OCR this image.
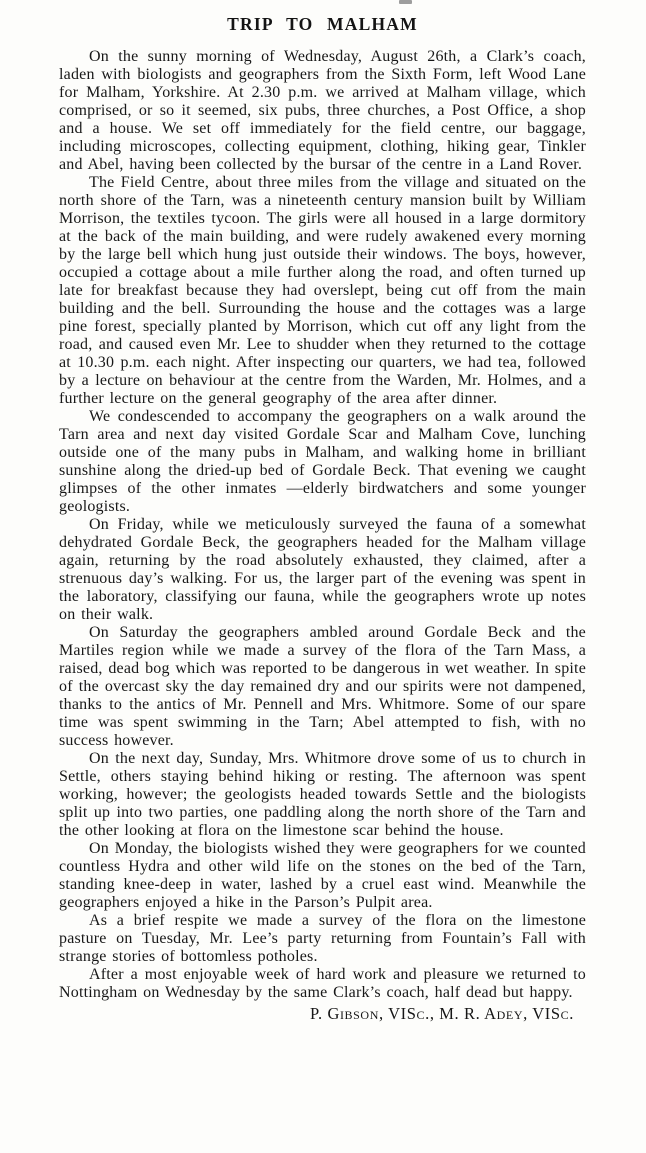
TRIP TO MALHAM

On the sunny morning of Wednesday, August 26th, a Clark’s coach, laden with biologists and geographers from the Sixth Form, left Wood Lane for Malham, Yorkshire. At 2.30 p.m. we arrived at Malham village, which comprised, or so it seemed, six pubs, three churches, a Post Office, a shop and a house. We set off immediately for the field centre, our baggage, including microscopes, collecting equipment, clothing, hiking gear, Tinkler and Abel, having been collected by the bursar of the centre in a Land Rover.

The Field Centre, about three miles from the village and situated on the north shore of the Tarn, was a nineteenth century mansion built by William Morrison, the textiles tycoon. The girls were all housed in a large dormitory at the back of the main building, and were rudely awakened every morning by the large bell which hung just outside their windows. The boys, however, occupied a cottage about a mile further along the road, and often turned up late for breakfast because they had overslept, being cut off from the main building and the bell. Surrounding the house and the cottages was a large pine forest, specially planted by Morrison, which cut off any light from the road, and caused even Mr. Lee to shudder when they returned to the cottage at 10.30 p.m. each night. After inspecting our quarters, we had tea, followed by a lecture on behaviour at the centre from the Warden, Mr. Holmes, and a further lecture on the general geography of the area after dinner.

We condescended to accompany the geographers on a walk around the Tarn area and next day visited Gordale Scar and Malham Cove, lunching outside one of the many pubs in Malham, and walking home in brilliant sunshine along the dried-up bed of Gordale Beck. That evening we caught glimpses of the other inmates —elderly birdwatchers and some younger geologists.

On Friday, while we meticulously surveyed the fauna of a somewhat dehydrated Gordale Beck, the geographers headed for the Malham village again, returning by the road absolutely exhausted, they claimed, after a strenuous day’s walking. For us, the larger part of the evening was spent in the laboratory, classifying our fauna, while the geographers wrote up notes on their walk.

On Saturday the geographers ambled around Gordale Beck and the Martiles region while we made a survey of the flora of the Tarn Mass, a raised, dead bog which was reported to be dangerous in wet weather. In spite of the overcast sky the day remained dry and our spirits were not dampened, thanks to the antics of Mr. Pennell and Mrs. Whitmore. Some of our spare time was spent swimming in the Tarn; Abel attempted to fish, with no success however.

On the next day, Sunday, Mrs. Whitmore drove some of us to church in Settle, others staying behind hiking or resting. The afternoon was spent working, however; the geologists headed towards Settle and the biologists split up into two parties, one paddling along the north shore of the Tarn and the other looking at flora on the limestone scar behind the house.

On Monday, the biologists wished they were geographers for we counted countless Hydra and other wild life on the stones on the bed of the Tarn, standing knee-deep in water, lashed by a cruel east wind. Meanwhile the geographers enjoyed a hike in the Parson’s Pulpit area.

As a brief respite we made a survey of the flora on the limestone pasture on Tuesday, Mr. Lee’s party returning from Fountain’s Fall with strange stories of bottomless potholes.

After a most enjoyable week of hard work and pleasure we returned to Nottingham on Wednesday by the same Clark’s coach, half dead but happy.

P. Gibson, VISc., M. R. Adey, VISc.
